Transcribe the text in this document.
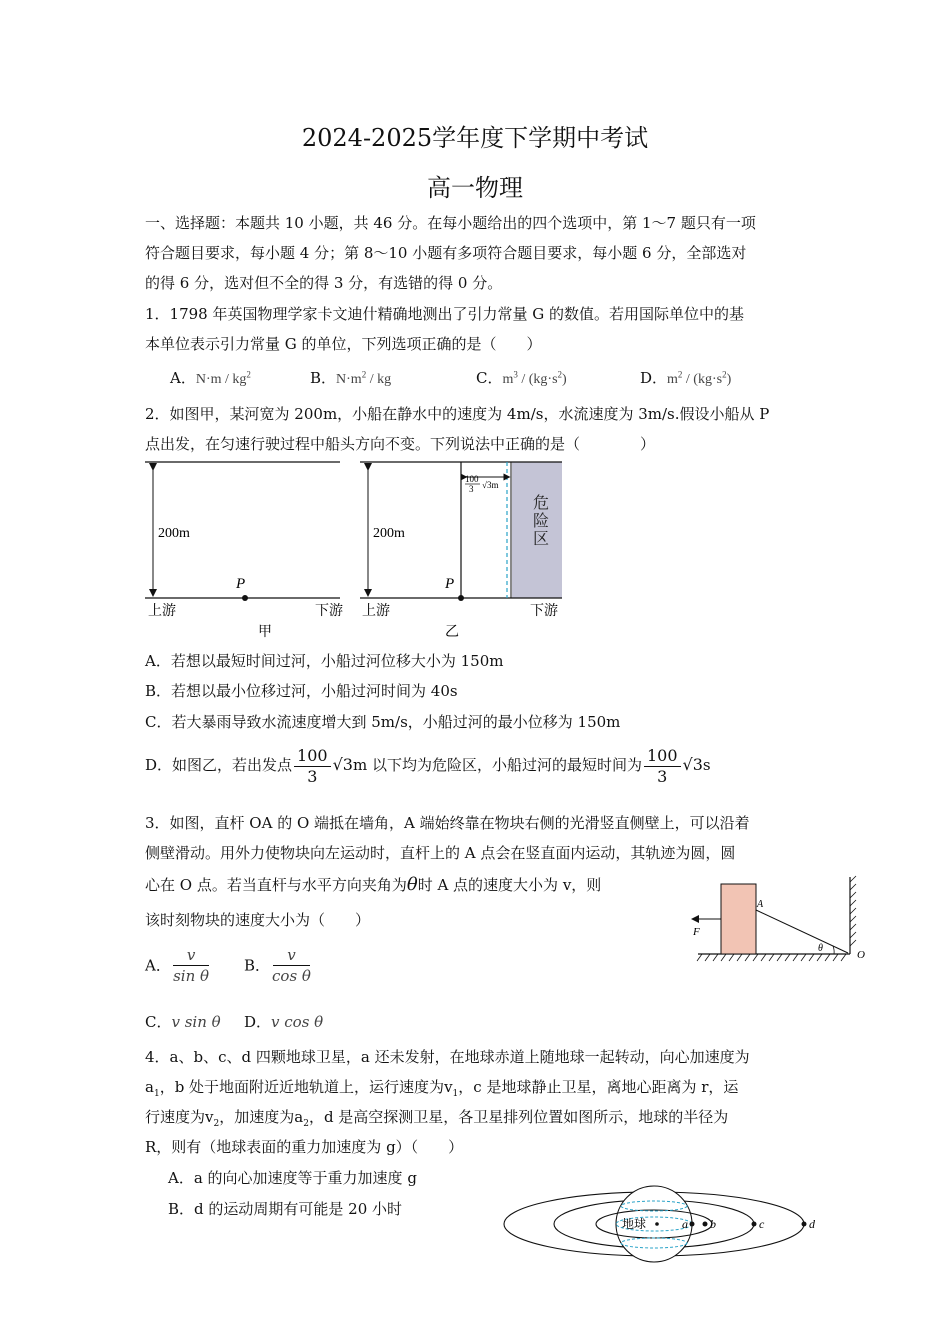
2024-2025学年度下学期中考试
高一物理
一、选择题：本题共 10 小题，共 46 分。在每小题给出的四个选项中，第 1～7 题只有一项
符合题目要求，每小题 4 分；第 8～10 小题有多项符合题目要求，每小题 6 分，全部选对
的得 6 分，选对但不全的得 3 分，有选错的得 0 分。
1．1798 年英国物理学家卡文迪什精确地测出了引力常量 G 的数值。若用国际单位中的基
本单位表示引力常量 G 的单位，下列选项正确的是（　　）
A．$N\cdot m / kg^2$	B．$N\cdot m^2$ / kg	C．$m^3 / (kg\cdot s^2)$	D．$m^2 / (kg\cdot s^2)$
2．如图甲，某河宽为 200m，小船在静水中的速度为 4m/s，水流速度为 3m/s.假设小船从 P
点出发，在匀速行驶过程中船头方向不变。下列说法中正确的是（　　　　）
200m
P
上游	下游
甲
200m
100
3 √3m
P
上游	下游
乙
危险区
A．若想以最短时间过河，小船过河位移大小为 150m
B．若想以最小位移过河，小船过河时间为 40s
C．若大暴雨导致水流速度增大到 5m/s，小船过河的最小位移为 150m
D．如图乙，若出发点 $\frac{100}{3} √3m$ 以下均为危险区，小船过河的最短时间为 $\frac{100}{3} √3s$
3．如图，直杆 OA 的 O 端抵在墙角，A 端始终靠在物块右侧的光滑竖直侧壁上，可以沿着
侧壁滑动。用外力使物块向左运动时，直杆上的 A 点会在竖直面内运动，其轨迹为圆，圆
心在 O 点。若当直杆与水平方向夹角为θ时 A 点的速度大小为 v，则
该时刻物块的速度大小为（　　）
F
A
O
θ
A． $\frac{v}{\text{sin θ}}$ B． $\frac{v}{\text{cos θ}}$
C．v sin θ D．v cos θ
4．a、b、c、d 四颗地球卫星，a 还未发射，在地球赤道上随地球一起转动，向心加速度为
$a_1$，b 处于地面附近近地轨道上，运行速度为$v_1$，c 是地球静止卫星，离地心距离为 r，运
行速度为$v_2$，加速度为$a_2$，d 是高空探测卫星，各卫星排列位置如图所示，地球的半径为
R，则有（地球表面的重力加速度为 g）（　　）
A．a 的向心加速度等于重力加速度 g
B．d 的运动周期有可能是 20 小时
地球	a b	c	d
